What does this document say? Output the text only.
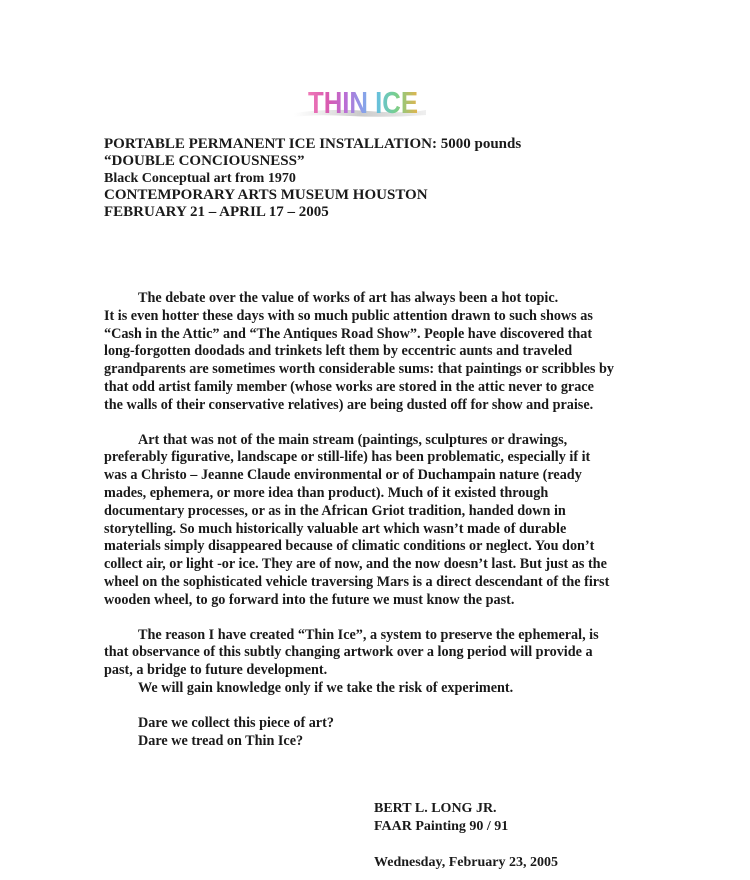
THIN ICE
PORTABLE PERMANENT ICE INSTALLATION: 5000 pounds
“DOUBLE CONCIOUSNESS”
Black Conceptual art from 1970
CONTEMPORARY ARTS MUSEUM HOUSTON
FEBRUARY 21 – APRIL 17 – 2005
The debate over the value of works of art has always been a hot topic.
It is even hotter these days with so much public attention drawn to such shows as
“Cash in the Attic” and “The Antiques Road Show”. People have discovered that
long-forgotten doodads and trinkets left them by eccentric aunts and traveled
grandparents are sometimes worth considerable sums: that paintings or scribbles by
that odd artist family member (whose works are stored in the attic never to grace
the walls of their conservative relatives) are being dusted off for show and praise.
Art that was not of the main stream (paintings, sculptures or drawings,
preferably figurative, landscape or still-life) has been problematic, especially if it
was a Christo – Jeanne Claude environmental or of Duchampain nature (ready
mades, ephemera, or more idea than product). Much of it existed through
documentary processes, or as in the African Griot tradition, handed down in
storytelling. So much historically valuable art which wasn’t made of durable
materials simply disappeared because of climatic conditions or neglect. You don’t
collect air, or light -or ice. They are of now, and the now doesn’t last. But just as the
wheel on the sophisticated vehicle traversing Mars is a direct descendant of the first
wooden wheel, to go forward into the future we must know the past.
The reason I have created “Thin Ice”, a system to preserve the ephemeral, is
that observance of this subtly changing artwork over a long period will provide a
past, a bridge to future development.
We will gain knowledge only if we take the risk of experiment.
Dare we collect this piece of art?
Dare we tread on Thin Ice?
BERT L. LONG JR.
FAAR Painting 90 / 91
Wednesday, February 23, 2005
